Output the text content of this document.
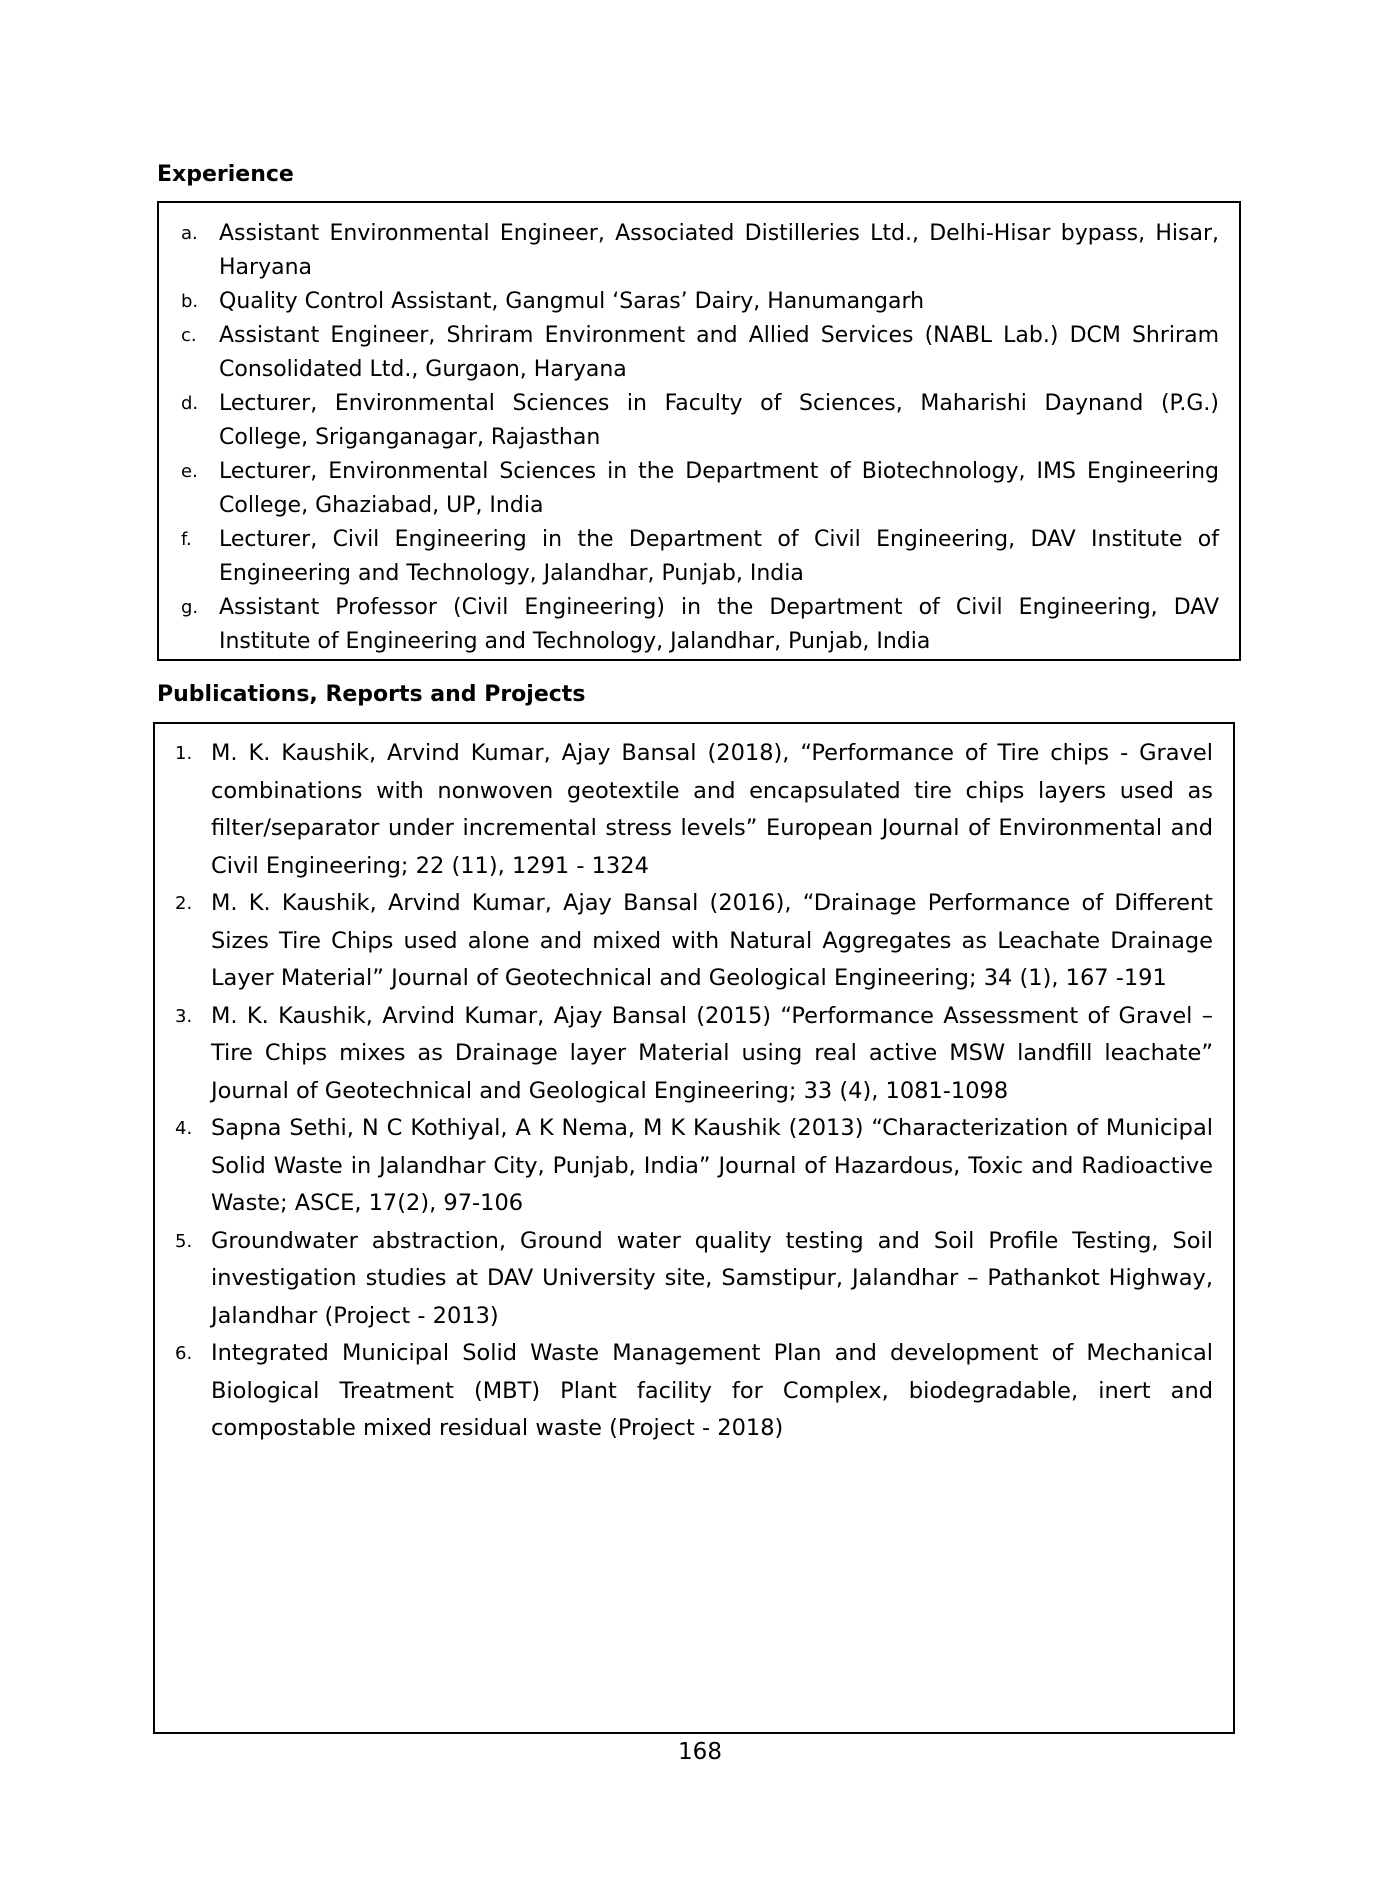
Experience
a. Assistant Environmental Engineer, Associated Distilleries Ltd., Delhi-Hisar bypass, Hisar, Haryana
b. Quality Control Assistant, Gangmul ‘Saras’ Dairy, Hanumangarh
c. Assistant Engineer, Shriram Environment and Allied Services (NABL Lab.) DCM Shriram Consolidated Ltd., Gurgaon, Haryana
d. Lecturer, Environmental Sciences in Faculty of Sciences, Maharishi Daynand (P.G.) College, Sriganganagar, Rajasthan
e. Lecturer, Environmental Sciences in the Department of Biotechnology, IMS Engineering College, Ghaziabad, UP, India
f. Lecturer, Civil Engineering in the Department of Civil Engineering, DAV Institute of Engineering and Technology, Jalandhar, Punjab, India
g. Assistant Professor (Civil Engineering) in the Department of Civil Engineering, DAV Institute of Engineering and Technology, Jalandhar, Punjab, India
Publications, Reports and Projects
1. M. K. Kaushik, Arvind Kumar, Ajay Bansal (2018), “Performance of Tire chips - Gravel combinations with nonwoven geotextile and encapsulated tire chips layers used as filter/separator under incremental stress levels” European Journal of Environmental and Civil Engineering; 22 (11), 1291 - 1324
2. M. K. Kaushik, Arvind Kumar, Ajay Bansal (2016), “Drainage Performance of Different Sizes Tire Chips used alone and mixed with Natural Aggregates as Leachate Drainage Layer Material” Journal of Geotechnical and Geological Engineering; 34 (1), 167 -191
3. M. K. Kaushik, Arvind Kumar, Ajay Bansal (2015) “Performance Assessment of Gravel – Tire Chips mixes as Drainage layer Material using real active MSW landfill leachate” Journal of Geotechnical and Geological Engineering; 33 (4), 1081-1098
4. Sapna Sethi, N C Kothiyal, A K Nema, M K Kaushik (2013) “Characterization of Municipal Solid Waste in Jalandhar City, Punjab, India” Journal of Hazardous, Toxic and Radioactive Waste; ASCE, 17(2), 97-106
5. Groundwater abstraction, Ground water quality testing and Soil Profile Testing, Soil investigation studies at DAV University site, Samstipur, Jalandhar – Pathankot Highway, Jalandhar (Project - 2013)
6. Integrated Municipal Solid Waste Management Plan and development of Mechanical Biological Treatment (MBT) Plant facility for Complex, biodegradable, inert and compostable mixed residual waste (Project - 2018)
168
